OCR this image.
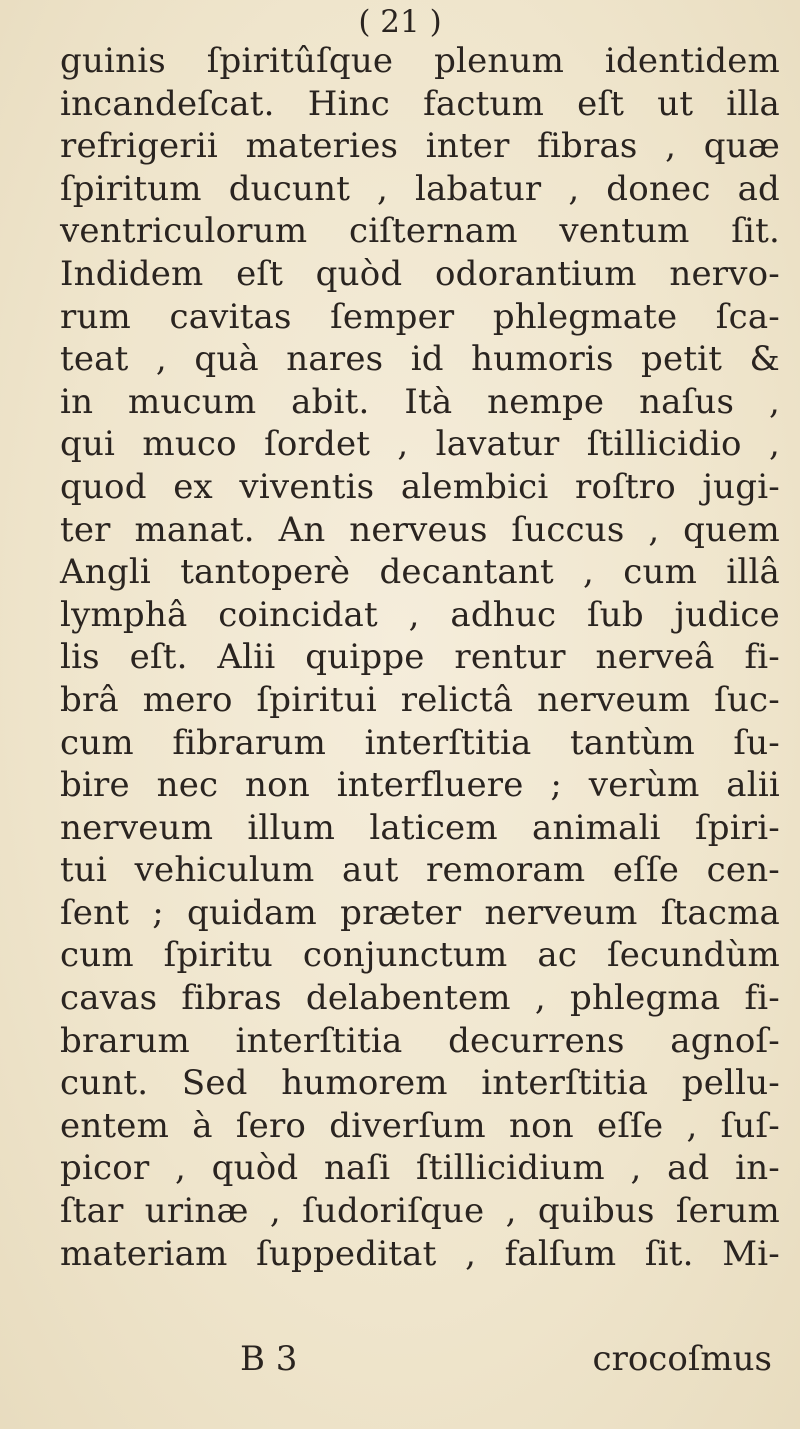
( 21 )
guinis ſpiritûſque plenum identidem
incandeſcat. Hinc factum eſt ut illa
refrigerii materies inter fibras , quæ
ſpiritum ducunt , labatur , donec ad
ventriculorum ciſternam ventum ſit.
Indidem eſt quòd odorantium nervo-
rum cavitas ſemper phlegmate ſca-
teat , quà nares id humoris petit &
in mucum abit. Ità nempe naſus ,
qui muco ſordet , lavatur ſtillicidio ,
quod ex viventis alembici roſtro jugi-
ter manat. An nerveus ſuccus , quem
Angli tantoperè decantant , cum illâ
lymphâ coincidat , adhuc ſub judice
lis eſt. Alii quippe rentur nerveâ fi-
brâ mero ſpiritui relictâ nerveum ſuc-
cum fibrarum interſtitia tantùm ſu-
bire nec non interfluere ; verùm alii
nerveum illum laticem animali ſpiri-
tui vehiculum aut remoram eſſe cen-
ſent ; quidam præter nerveum ſtacma
cum ſpiritu conjunctum ac ſecundùm
cavas fibras delabentem , phlegma fi-
brarum interſtitia decurrens agnoſ-
cunt. Sed humorem interſtitia pellu-
entem à ſero diverſum non eſſe , ſuſ-
picor , quòd naſi ſtillicidium , ad in-
ſtar urinæ , ſudoriſque , quibus ſerum
materiam ſuppeditat , falſum ſit. Mi-
B 3	crocoſmus
